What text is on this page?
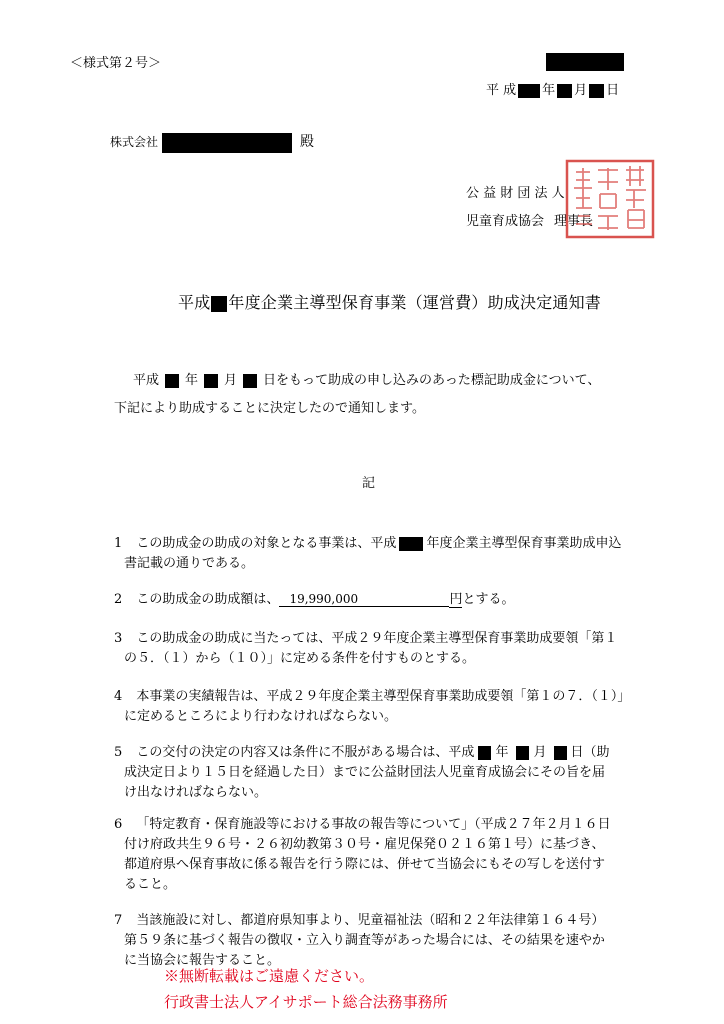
＜様式第２号＞
平 成 年 月 日
株式会社	殿
公 益 財 団 法 人
児童育成協会 理事長
平成 年度企業主導型保育事業（運営費）助成決定通知書
平成 年 月 日をもって助成の申し込みのあった標記助成金について、
下記により助成することに決定したので通知します。
記
1 この助成金の助成の対象となる事業は、平成 年度企業主導型保育事業助成申込
書記載の通りである。
2 この助成金の助成額は、 19,990,000	円とする。
3 この助成金の助成に当たっては、平成２９年度企業主導型保育事業助成要領「第１
の５．（１）から（１０）」に定める条件を付すものとする。
4 本事業の実績報告は、平成２９年度企業主導型保育事業助成要領「第１の７．（１）」
に定めるところにより行わなければならない。
5 この交付の決定の内容又は条件に不服がある場合は、平成 年 月 日（助
成決定日より１５日を経過した日）までに公益財団法人児童育成協会にその旨を届
け出なければならない。
6 「特定教育・保育施設等における事故の報告等について」（平成２７年２月１６日
付け府政共生９６号・２６初幼教第３０号・雇児保発０２１６第１号）に基づき、
都道府県へ保育事故に係る報告を行う際には、併せて当協会にもその写しを送付す
ること。
7 当該施設に対し、都道府県知事より、児童福祉法（昭和２２年法律第１６４号）
第５９条に基づく報告の徴収・立入り調査等があった場合には、その結果を速やか
に当協会に報告すること。
※無断転載はご遠慮ください。
行政書士法人アイサポート総合法務事務所
